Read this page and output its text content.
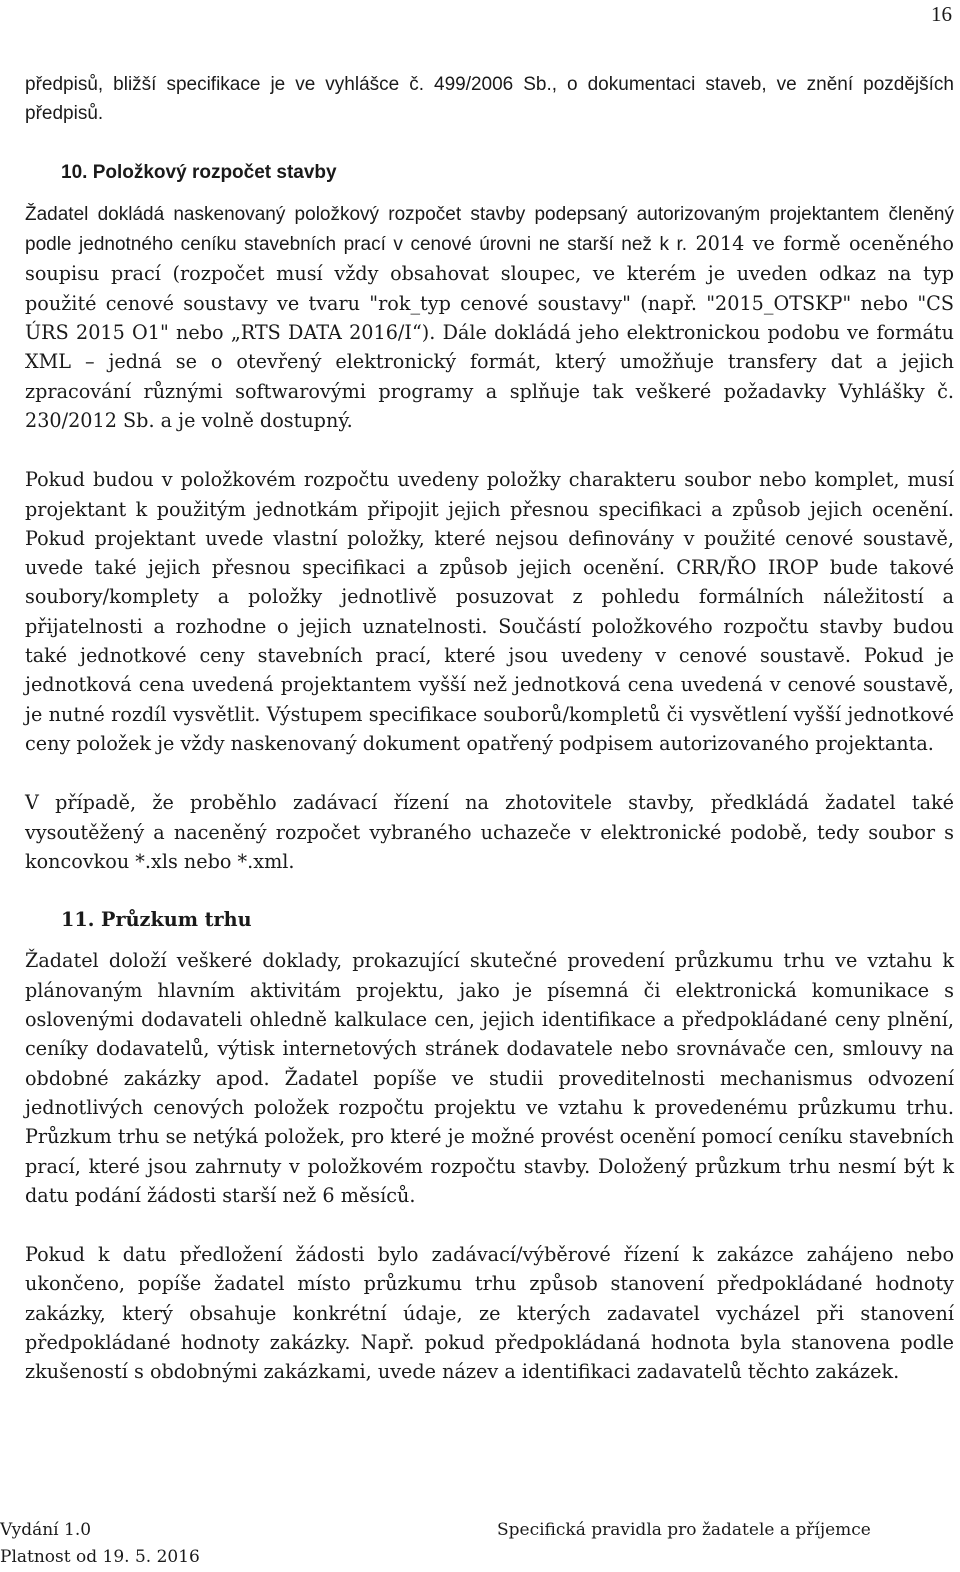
16

předpisů, bližší specifikace je ve vyhlášce č. 499/2006 Sb., o dokumentaci staveb, ve znění pozdějších předpisů.

10. Položkový rozpočet stavby

Žadatel dokládá naskenovaný položkový rozpočet stavby podepsaný autorizovaným projektantem členěný podle jednotného ceníku stavebních prací v cenové úrovni ne starší než k r. 2014 ve formě oceněného soupisu prací (rozpočet musí vždy obsahovat sloupec, ve kterém je uveden odkaz na typ použité cenové soustavy ve tvaru "rok_typ cenové soustavy" (např. "2015_OTSKP" nebo "CS ÚRS 2015 O1" nebo „RTS DATA 2016/I“). Dále dokládá jeho elektronickou podobu ve formátu XML – jedná se o otevřený elektronický formát, který umožňuje transfery dat a jejich zpracování různými softwarovými programy a splňuje tak veškeré požadavky Vyhlášky č. 230/2012 Sb. a je volně dostupný.

Pokud budou v položkovém rozpočtu uvedeny položky charakteru soubor nebo komplet, musí projektant k použitým jednotkám připojit jejich přesnou specifikaci a způsob jejich ocenění. Pokud projektant uvede vlastní položky, které nejsou definovány v použité cenové soustavě, uvede také jejich přesnou specifikaci a způsob jejich ocenění. CRR/ŘO IROP bude takové soubory/komplety a položky jednotlivě posuzovat z pohledu formálních náležitostí a přijatelnosti a rozhodne o jejich uznatelnosti. Součástí položkového rozpočtu stavby budou také jednotkové ceny stavebních prací, které jsou uvedeny v cenové soustavě. Pokud je jednotková cena uvedená projektantem vyšší než jednotková cena uvedená v cenové soustavě, je nutné rozdíl vysvětlit. Výstupem specifikace souborů/kompletů či vysvětlení vyšší jednotkové ceny položek je vždy naskenovaný dokument opatřený podpisem autorizovaného projektanta.

V případě, že proběhlo zadávací řízení na zhotovitele stavby, předkládá žadatel také vysoutěžený a naceněný rozpočet vybraného uchazeče v elektronické podobě, tedy soubor s koncovkou *.xls nebo *.xml.

11. Průzkum trhu

Žadatel doloží veškeré doklady, prokazující skutečné provedení průzkumu trhu ve vztahu k plánovaným hlavním aktivitám projektu, jako je písemná či elektronická komunikace s oslovenými dodavateli ohledně kalkulace cen, jejich identifikace a předpokládané ceny plnění, ceníky dodavatelů, výtisk internetových stránek dodavatele nebo srovnávače cen, smlouvy na obdobné zakázky apod. Žadatel popíše ve studii proveditelnosti mechanismus odvození jednotlivých cenových položek rozpočtu projektu ve vztahu k provedenému průzkumu trhu. Průzkum trhu se netýká položek, pro které je možné provést ocenění pomocí ceníku stavebních prací, které jsou zahrnuty v položkovém rozpočtu stavby. Doložený průzkum trhu nesmí být k datu podání žádosti starší než 6 měsíců.

Pokud k datu předložení žádosti bylo zadávací/výběrové řízení k zakázce zahájeno nebo ukončeno, popíše žadatel místo průzkumu trhu způsob stanovení předpokládané hodnoty zakázky, který obsahuje konkrétní údaje, ze kterých zadavatel vycházel při stanovení předpokládané hodnoty zakázky. Např. pokud předpokládaná hodnota byla stanovena podle zkušeností s obdobnými zakázkami, uvede název a identifikaci zadavatelů těchto zakázek.

Vydání 1.0
Platnost od 19. 5. 2016
Specifická pravidla pro žadatele a příjemce
